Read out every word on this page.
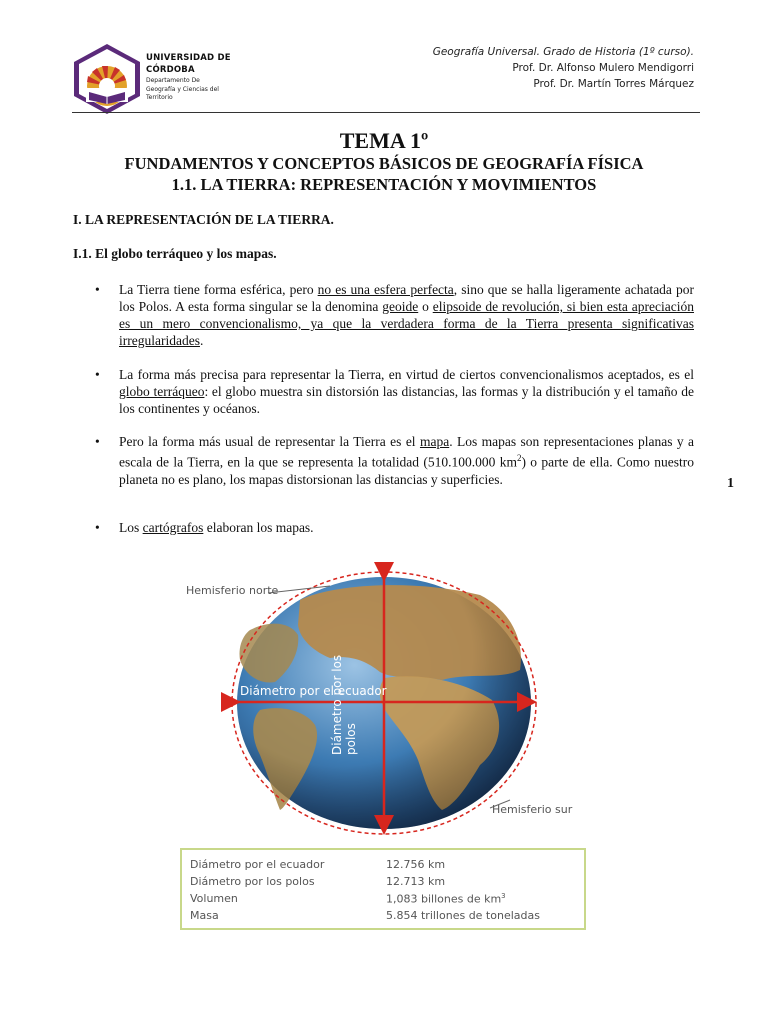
UNIVERSIDAD DE
CÓRDOBA
Departamento De
Geografía y Ciencias del
Territorio
Geografía Universal. Grado de Historia (1º curso).
Prof. Dr. Alfonso Mulero Mendigorri
Prof. Dr. Martín Torres Márquez
TEMA 1º
FUNDAMENTOS Y CONCEPTOS BÁSICOS DE GEOGRAFÍA FÍSICA
1.1. LA TIERRA: REPRESENTACIÓN Y MOVIMIENTOS
I. LA REPRESENTACIÓN DE LA TIERRA.
I.1. El globo terráqueo y los mapas.
• La Tierra tiene forma esférica, pero no es una esfera perfecta, sino que se halla ligeramente achatada por los Polos. A esta forma singular se la denomina geoide o elipsoide de revolución, si bien esta apreciación es un mero convencionalismo, ya que la verdadera forma de la Tierra presenta significativas irregularidades.
• La forma más precisa para representar la Tierra, en virtud de ciertos convencionalismos aceptados, es el globo terráqueo: el globo muestra sin distorsión las distancias, las formas y la distribución y el tamaño de los continentes y océanos.
• Pero la forma más usual de representar la Tierra es el mapa. Los mapas son representaciones planas y a escala de la Tierra, en la que se representa la totalidad (510.100.000 $km^2$) o parte de ella. Como nuestro planeta no es plano, los mapas distorsionan las distancias y superficies.	1
• Los cartógrafos elaboran los mapas.
Hemisferio norte
Hemisferio sur
Diámetro por el ecuador
Diámetro por los polos
Diámetro por el ecuador	12.756 km
Diámetro por los polos	12.713 km
Volumen	1,083 billones de $km^3$
Masa	5.854 trillones de toneladas
